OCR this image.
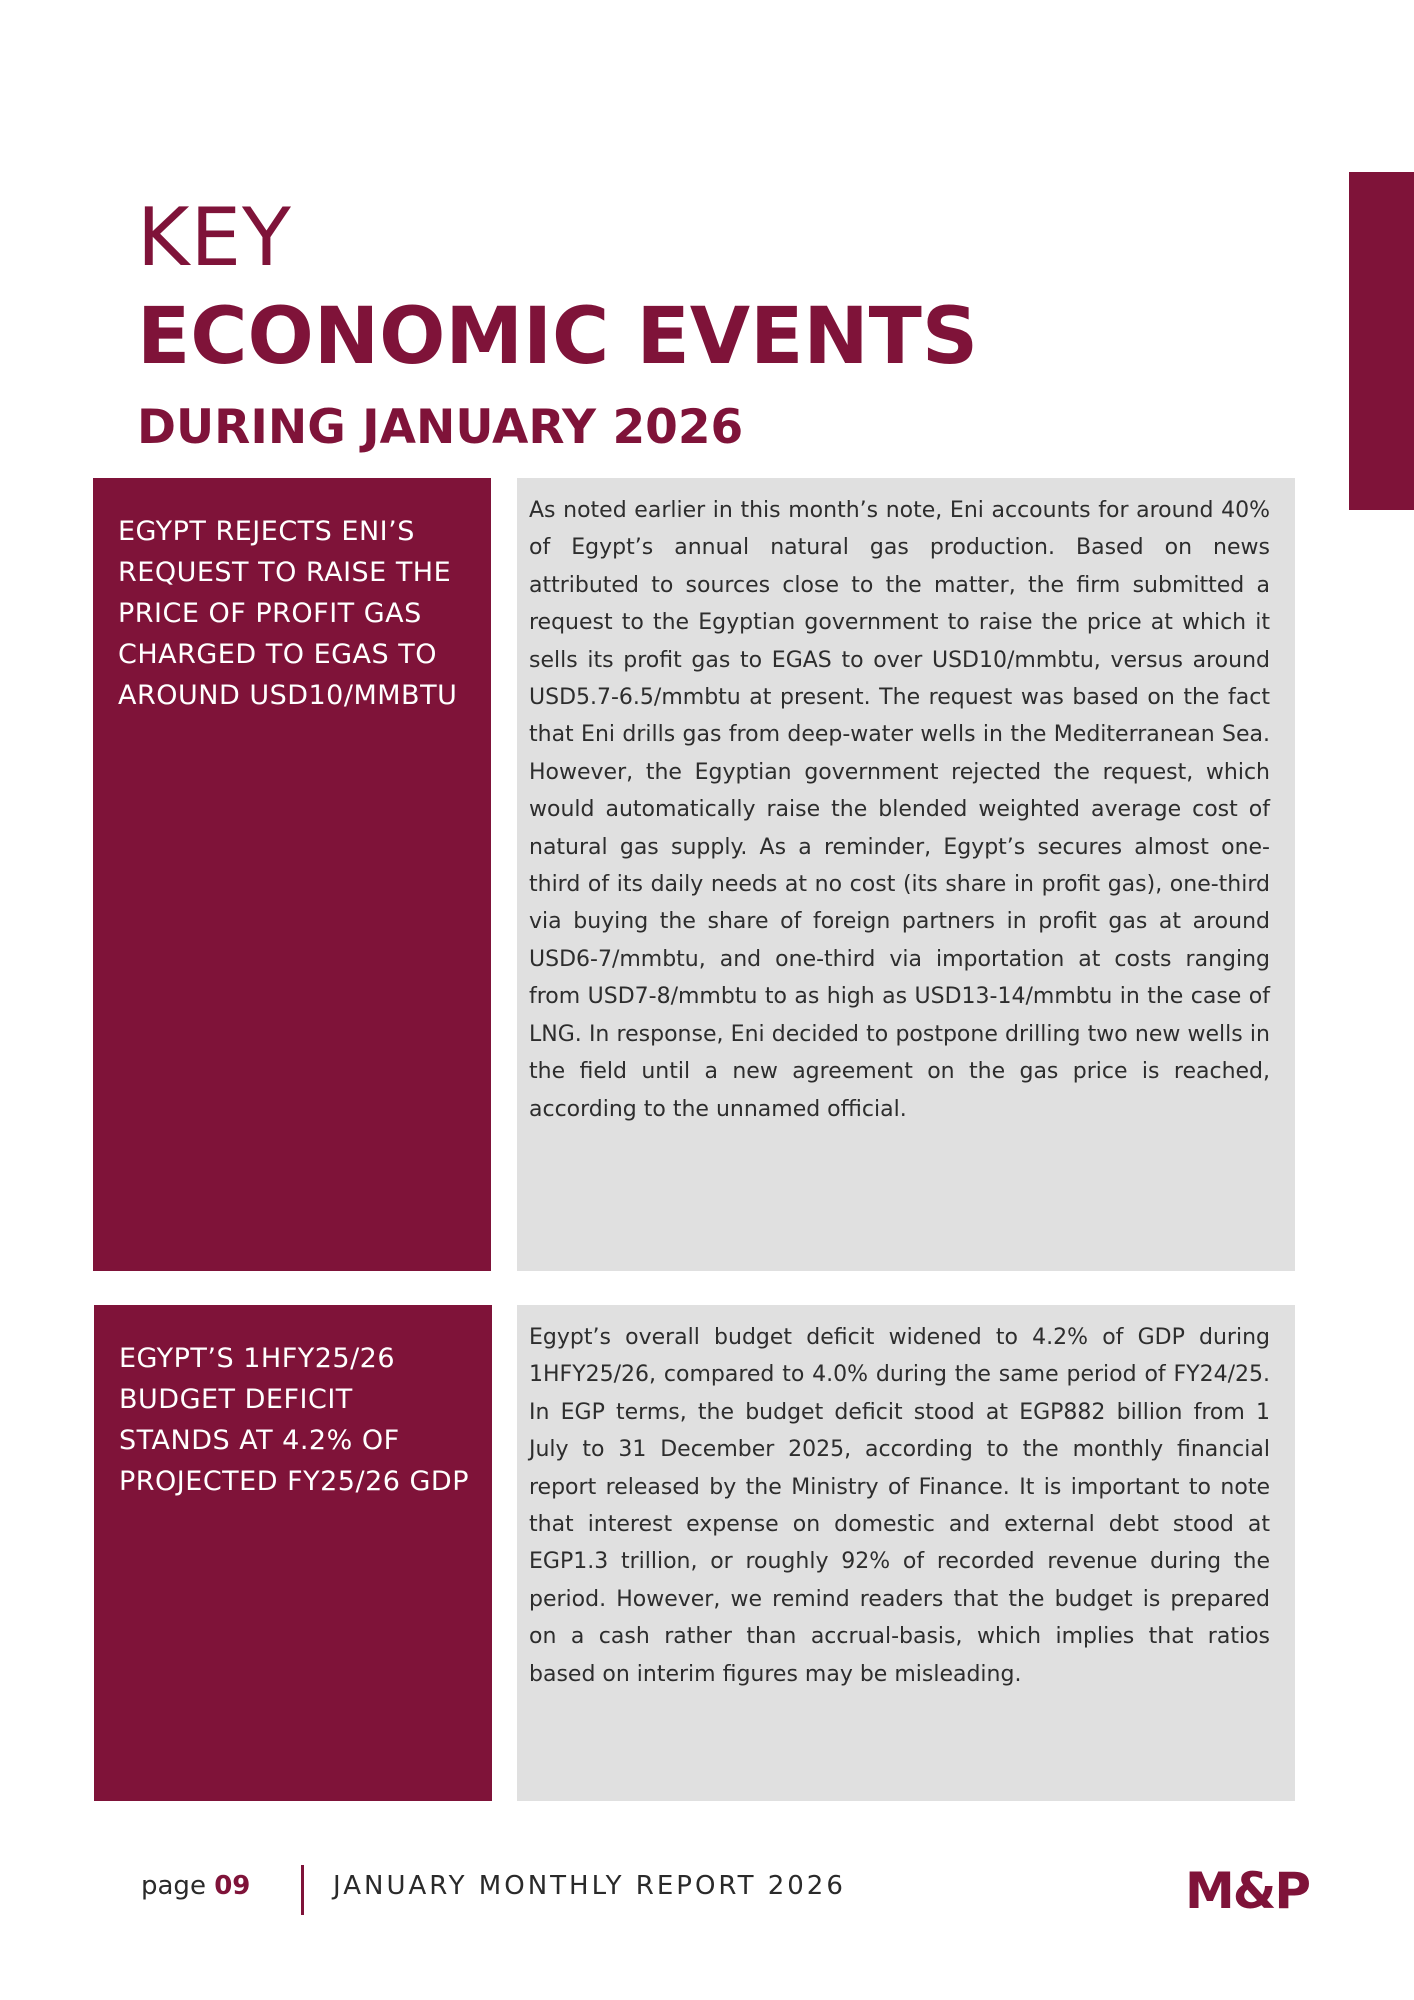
KEY
ECONOMIC EVENTS
DURING JANUARY 2026
EGYPT REJECTS ENI’S REQUEST TO RAISE THE PRICE OF PROFIT GAS CHARGED TO EGAS TO AROUND USD10/MMBTU
As noted earlier in this month’s note, Eni accounts for around 40% of Egypt’s annual natural gas production. Based on news attributed to sources close to the matter, the firm submitted a request to the Egyptian government to raise the price at which it sells its profit gas to EGAS to over USD10/mmbtu, versus around USD5.7-6.5/mmbtu at present. The request was based on the fact that Eni drills gas from deep-water wells in the Mediterranean Sea. However, the Egyptian government rejected the request, which would automatically raise the blended weighted average cost of natural gas supply. As a reminder, Egypt’s secures almost one-third of its daily needs at no cost (its share in profit gas), one-third via buying the share of foreign partners in profit gas at around USD6-7/mmbtu, and one-third via importation at costs ranging from USD7-8/mmbtu to as high as USD13-14/mmbtu in the case of LNG. In response, Eni decided to postpone drilling two new wells in the field until a new agreement on the gas price is reached, according to the unnamed official.
EGYPT’S 1HFY25/26 BUDGET DEFICIT STANDS AT 4.2% OF PROJECTED FY25/26 GDP
Egypt’s overall budget deficit widened to 4.2% of GDP during 1HFY25/26, compared to 4.0% during the same period of FY24/25. In EGP terms, the budget deficit stood at EGP882 billion from 1 July to 31 December 2025, according to the monthly financial report released by the Ministry of Finance. It is important to note that interest expense on domestic and external debt stood at EGP1.3 trillion, or roughly 92% of recorded revenue during the period. However, we remind readers that the budget is prepared on a cash rather than accrual-basis, which implies that ratios based on interim figures may be misleading.
page 09	JANUARY MONTHLY REPORT 2026	M&P
